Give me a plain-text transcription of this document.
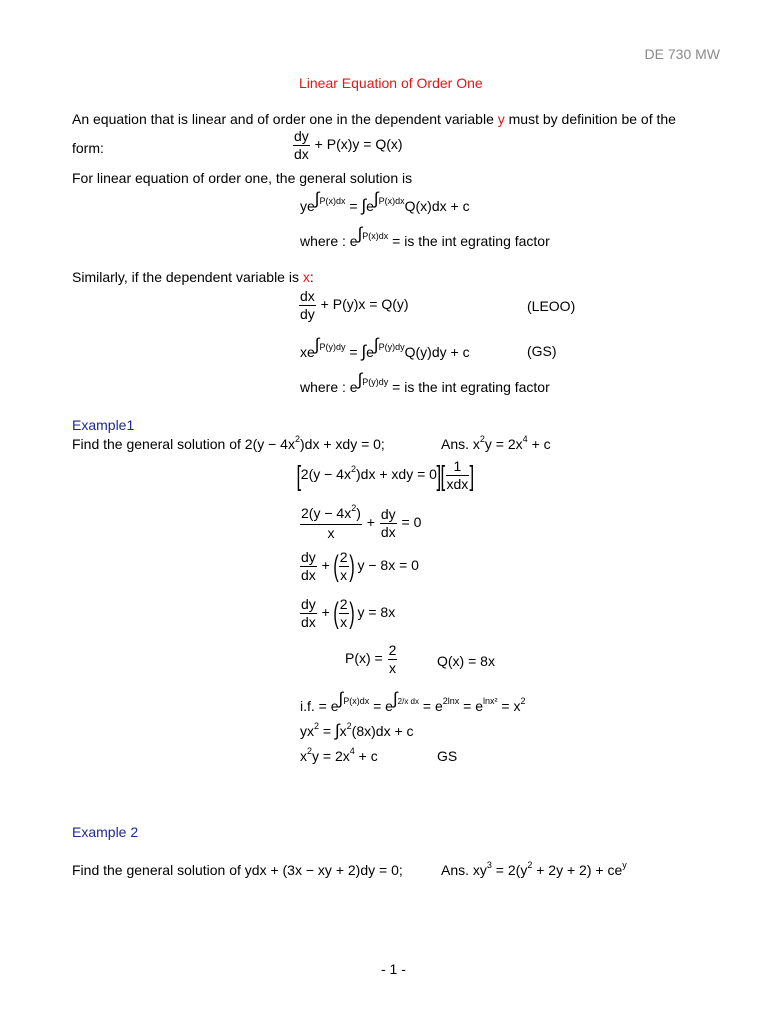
DE 730 MW
Linear Equation of Order One
An equation that is linear and of order one in the dependent variable y must by definition be of the
form:	$\frac{dy}{dx} + P(x)y = Q(x)$
For linear equation of order one, the general solution is
$ye^{\int P(x)dx} = \int e^{\int P(x)dx}Q(x)dx + c$
where : $e^{\int P(x)dx}$ = is the int egrating factor
Similarly, if the dependent variable is x:
$\frac{dx}{dy} + P(y)x = Q(y)$	(LEOO)
$xe^{\int P(y)dy} = \int e^{\int P(y)dy}Q(y)dy + c$	(GS)
where : $e^{\int P(y)dy}$ = is the int egrating factor
Example1
Find the general solution of $2(y - 4x^2)dx$ + xdy = 0;	Ans. $x^2y = 2x^4 + c$
[$2(y - 4x^2)dx$ + xdy = $0][ \frac{1}{\text{xdx}}$ ]
$\frac{2(y - 4x^2)}{x} + \frac{dy}{dx} = 0$
$\frac{dy}{dx}$ + ( $\frac{2}{x}$ ) y − 8x = 0
$\frac{dy}{dx}$ + ( $\frac{2}{x}$ ) y = 8x
$P(x) = \frac{2}{x}$	Q(x) = 8x
i.f. = $e^{\int P(x)dx} = e^{\int 2/x dx} = e^{2lnx} = e^{lnx^2} = x^2$
$yx^2 = \int x^2(8x)dx + c$
$x^2y = 2x^4 + c$	GS
Example 2
Find the general solution of ydx + (3x − xy + 2)dy = 0;	Ans. $xy^3 = 2(y^2 + 2y + 2) + ce^y$
- 1 -
